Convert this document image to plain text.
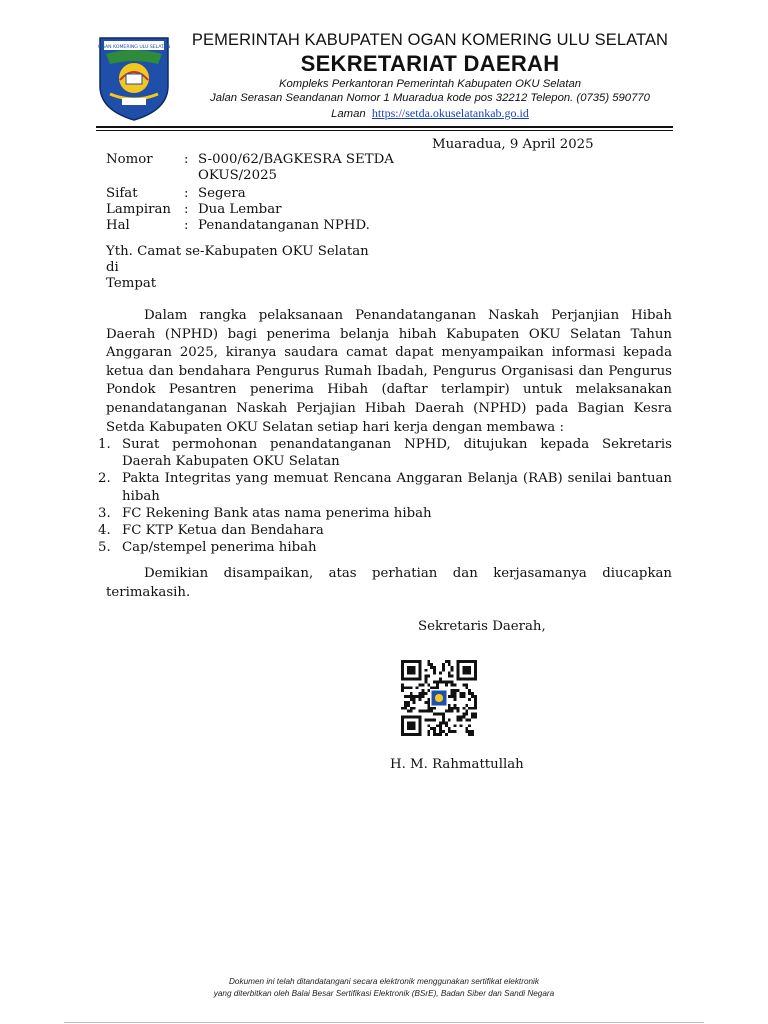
OGAN KOMERING ULU SELATAN	PEMERINTAH KABUPATEN OGAN KOMERING ULU SELATAN
SEKRETARIAT DAERAH
Kompleks Perkantoran Pemerintah Kabupaten OKU Selatan
Jalan Serasan Seandanan Nomor 1 Muaradua kode pos 32212 Telepon. (0735) 590770
Laman https://setda.okuselatankab.go.id
Muaradua, 9 April 2025
Nomor	: S-000/62/BAGKESRA SETDA OKUS/2025
Sifat	: Segera
Lampiran : Dua Lembar
Hal	: Penandatanganan NPHD.
Yth. Camat se-Kabupaten OKU Selatan
di
Tempat
Dalam rangka pelaksanaan Penandatanganan Naskah Perjanjian Hibah Daerah (NPHD) bagi penerima belanja hibah Kabupaten OKU Selatan Tahun Anggaran 2025, kiranya saudara camat dapat menyampaikan informasi kepada ketua dan bendahara Pengurus Rumah Ibadah, Pengurus Organisasi dan Pengurus Pondok Pesantren penerima Hibah (daftar terlampir) untuk melaksanakan penandatanganan Naskah Perjajian Hibah Daerah (NPHD) pada Bagian Kesra Setda Kabupaten OKU Selatan setiap hari kerja dengan membawa :
1. Surat permohonan penandatanganan NPHD, ditujukan kepada Sekretaris Daerah Kabupaten OKU Selatan
2. Pakta Integritas yang memuat Rencana Anggaran Belanja (RAB) senilai bantuan hibah
3. FC Rekening Bank atas nama penerima hibah
4. FC KTP Ketua dan Bendahara
5. Cap/stempel penerima hibah
Demikian disampaikan, atas perhatian dan kerjasamanya diucapkan terimakasih.
Sekretaris Daerah,
H. M. Rahmattullah
Dokumen ini telah ditandatangani secara elektronik menggunakan sertifikat elektronik
yang diterbitkan oleh Balai Besar Sertifikasi Elektronik (BSrE), Badan Siber dan Sandi Negara
